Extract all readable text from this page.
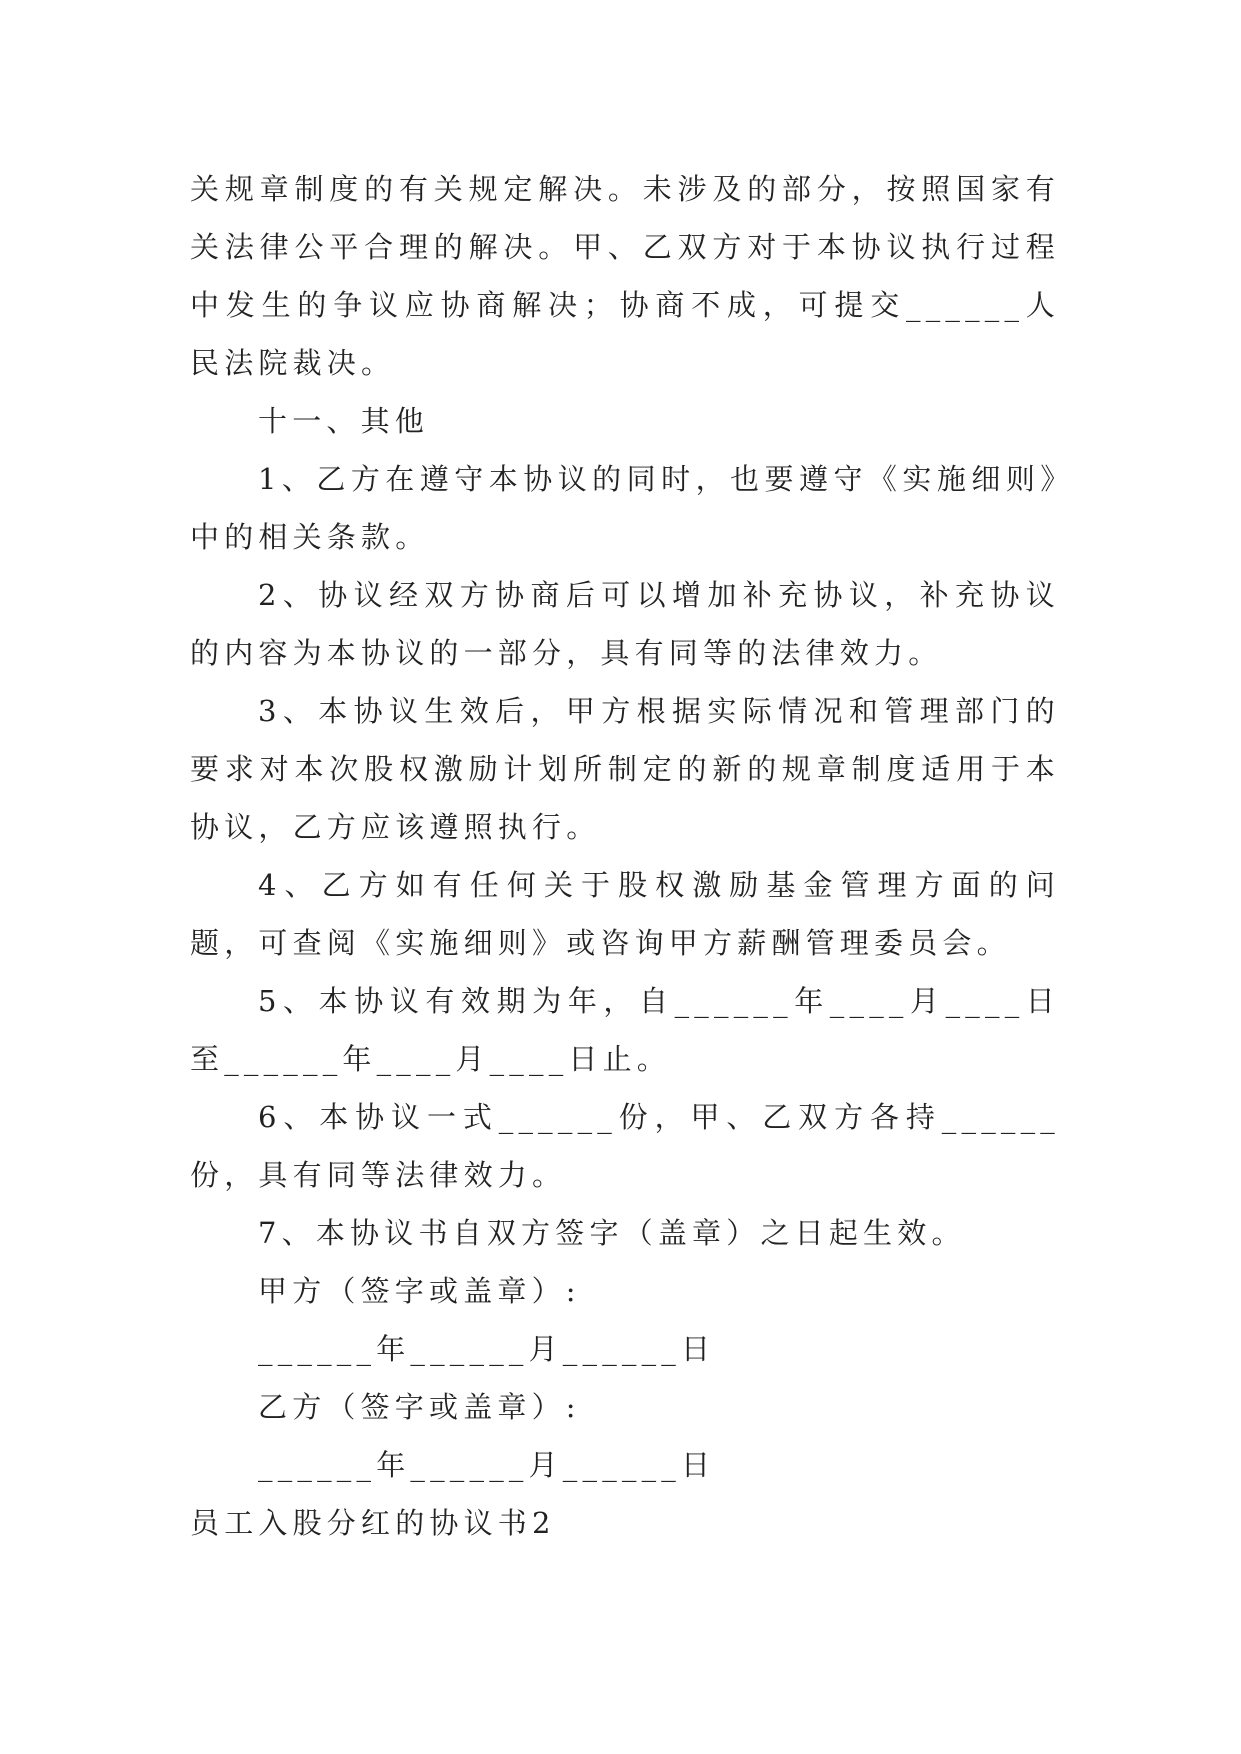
关规章制度的有关规定解决。未涉及的部分，按照国家有关法律公平合理的解决。甲、乙双方对于本协议执行过程中发生的争议应协商解决；协商不成，可提交______人民法院裁决。

十一、其他

1、乙方在遵守本协议的同时，也要遵守《实施细则》中的相关条款。

2、协议经双方协商后可以增加补充协议，补充协议的内容为本协议的一部分，具有同等的法律效力。

3、本协议生效后，甲方根据实际情况和管理部门的要求对本次股权激励计划所制定的新的规章制度适用于本协议，乙方应该遵照执行。

4、乙方如有任何关于股权激励基金管理方面的问题，可查阅《实施细则》或咨询甲方薪酬管理委员会。

5、本协议有效期为年，自______年____月____日至______年____月____日止。

6、本协议一式______份，甲、乙双方各持______份，具有同等法律效力。

7、本协议书自双方签字（盖章）之日起生效。

甲方（签字或盖章）:

______年______月______日

乙方（签字或盖章）:

______年______月______日

员工入股分红的协议书2
